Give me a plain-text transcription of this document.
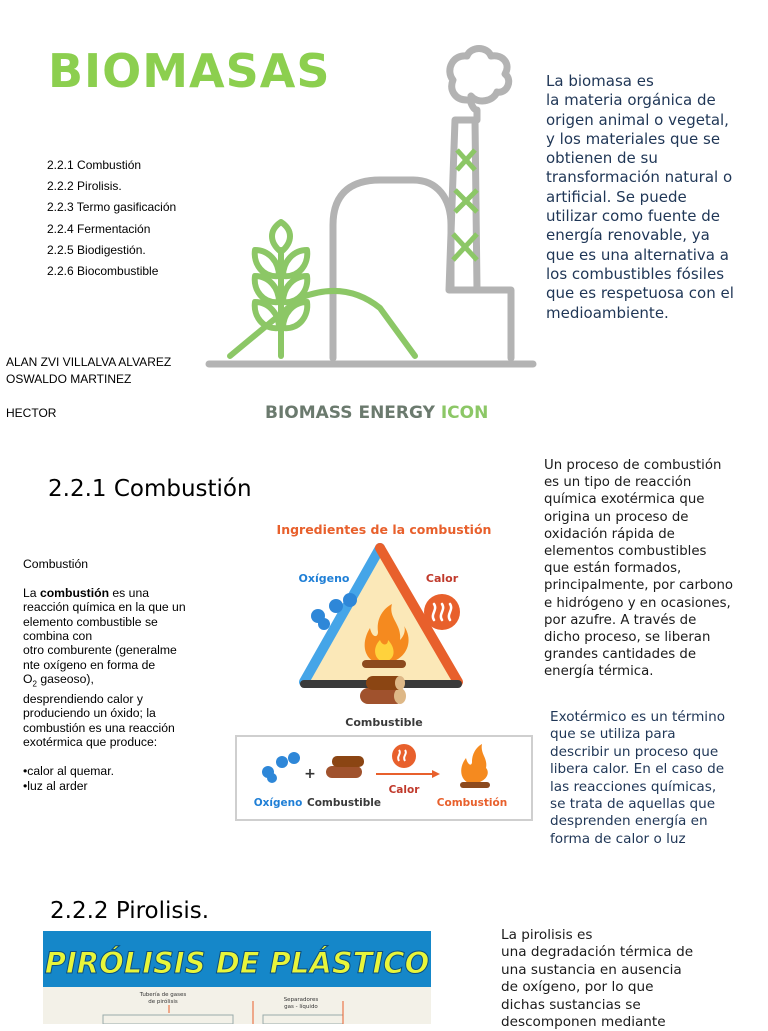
BIOMASAS
2.2.1 Combustión
2.2.2 Pirolisis.
2.2.3 Termo gasificación
2.2.4 Fermentación
2.2.5 Biodigestión.
2.2.6 Biocombustible
ALAN ZVI VILLALVA ALVAREZ
OSWALDO MARTINEZ
HECTOR	BIOMASS ENERGY ICON
La biomasa es
la materia orgánica de
origen animal o vegetal,
y los materiales que se
obtienen de su
transformación natural o
artificial. Se puede
utilizar como fuente de
energía renovable, ya
que es una alternativa a
los combustibles fósiles
que es respetuosa con el
medioambiente.
2.2.1 Combustión
Combustión
La combustión es una
reacción química en la que un
elemento combustible se
combina con
otro comburente (generalme
nte oxígeno en forma de
$O_2$ gaseoso),
desprendiendo calor y
produciendo un óxido; la
combustión es una reacción
exotérmica que produce:
•calor al quemar.
•luz al arder
Ingredientes de la combustión
Oxígeno	Calor
Combustible
+
Oxígeno Combustible
Calor
Combustión
Un proceso de combustión
es un tipo de reacción
química exotérmica que
origina un proceso de
oxidación rápida de
elementos combustibles
que están formados,
principalmente, por carbono
e hidrógeno y en ocasiones,
por azufre. A través de
dicho proceso, se liberan
grandes cantidades de
energía térmica.
Exotérmico es un término
que se utiliza para
describir un proceso que
libera calor. En el caso de
las reacciones químicas,
se trata de aquellas que
desprenden energía en
forma de calor o luz
2.2.2 Pirolisis.
PIRÓLISIS DE PLÁSTICO
Tubería de gases
de pirólisis	Separadores
gas - líquido
La pirolisis es
una degradación térmica de
una sustancia en ausencia
de oxígeno, por lo que
dichas sustancias se
descomponen mediante
